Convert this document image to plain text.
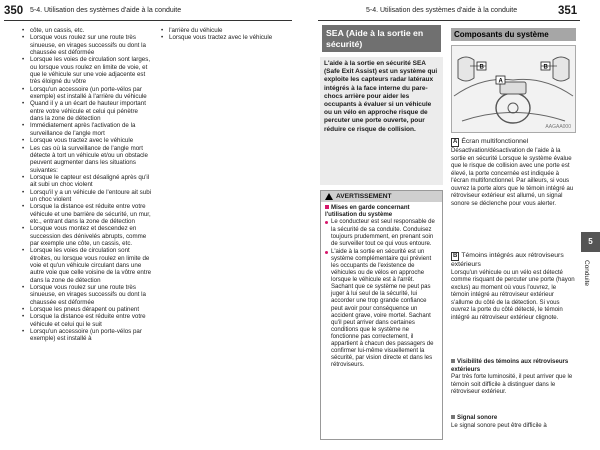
350 5-4. Utilisation des systèmes d'aide à la conduite
• côte, un cassis, etc.
• Lorsque vous roulez sur une route très sinueuse, en virages successifs ou dont la chaussée est déformée
• Lorsque les voies de circulation sont larges, ou lorsque vous roulez en limite de voie, et que le véhicule sur une voie adjacente est très éloigné du vôtre
• Lorsqu'un accessoire (un porte-vélos par exemple) est installé à l'arrière du véhicule
• Quand il y a un écart de hauteur important entre votre véhicule et celui qui pénètre dans la zone de détection
• Immédiatement après l'activation de la surveillance de l'angle mort
• Lorsque vous tractez avec le véhicule
• Les cas où la surveillance de l'angle mort détecte à tort un véhicule et/ou un obstacle peuvent augmenter dans les situations suivantes:
• Lorsque le capteur est désaligné après qu'il ait subi un choc violent
• Lorsqu'il y a un véhicule de l'entoure ait subi un choc violent
• Lorsque la distance est réduite entre votre véhicule et une barrière de sécurité, un mur, etc., entrant dans la zone de détection
• Lorsque vous montez et descendez en succession des dénivelés abrupts, comme par exemple une côte, un cassis, etc.
• Lorsque les voies de circulation sont étroites, ou lorsque vous roulez en limite de voie et qu'un véhicule circulant dans une autre voie que celle voisine de la vôtre entre dans la zone de détection
• Lorsque vous roulez sur une route très sinueuse, en virages successifs ou dont la chaussée est déformée
• Lorsque les pneus dérapent ou patinent
• Lorsque la distance est réduite entre votre véhicule et celui qui le suit
• Lorsqu'un accessoire (un porte-vélos par exemple) est installé à
• l'arrière du véhicule
• Lorsque vous tractez avec le véhicule
5-4. Utilisation des systèmes d'aide à la conduite	351
SEA (Aide à la sortie en sécurité)
L'aide à la sortie en sécurité SEA (Safe Exit Assist) est un système qui exploite les capteurs radar latéraux intégrés à la face interne du pare-chocs arrière pour aider les occupants à évaluer si un véhicule ou un vélo en approche risque de percuter une porte ouverte, pour réduire ce risque de collision.
AVERTISSEMENT
Mises en garde concernant l'utilisation du système

Le conducteur est seul responsable de la sécurité de sa conduite. Conduisez toujours prudemment, en prenant soin de surveiller tout ce qui vous entoure.

L'aide à la sortie en sécurité est un système complémentaire qui prévient les occupants de l'existence de véhicules ou de vélos en approche lorsque le véhicule est à l'arrêt. Sachant que ce système ne peut pas juger à lui seul de la sécurité, lui accorder une trop grande confiance peut avoir pour conséquence un accident grave, voire mortel. Sachant qu'il peut arriver dans certaines conditions que le système ne fonctionne pas correctement, il appartient à chacun des passagers de confirmer lui-même visuellement la sécurité, par vision directe et dans les rétroviseurs.

Composants du système
B	B
A
AAGAA000
A Écran multifonctionnel
Désactivation/désactivation de l'aide à la sortie en sécurité Lorsque le système évalue que le risque de collision avec une porte est élevé, la porte concernée est indiquée à l'écran multifonctionnel. Par ailleurs, si vous ouvrez la porte alors que le témoin intégré au rétroviseur extérieur est allumé, un signal sonore se déclenche pour vous alerter.
B Témoins intégrés aux rétroviseurs extérieurs
Lorsqu'un véhicule ou un vélo est détecté comme risquant de percuter une porte (hayon exclus) au moment où vous l'ouvrez, le témoin intégré au rétroviseur extérieur s'allume du côté de la détection. Si vous ouvrez la porte du côté détecté, le témoin intégré au rétroviseur extérieur clignote.
Visibilité des témoins aux rétroviseurs extérieurs
Par très forte luminosité, il peut arriver que le témoin soit difficile à distinguer dans le rétroviseur extérieur.
Signal sonore
Le signal sonore peut être difficile à
5
Conduite
